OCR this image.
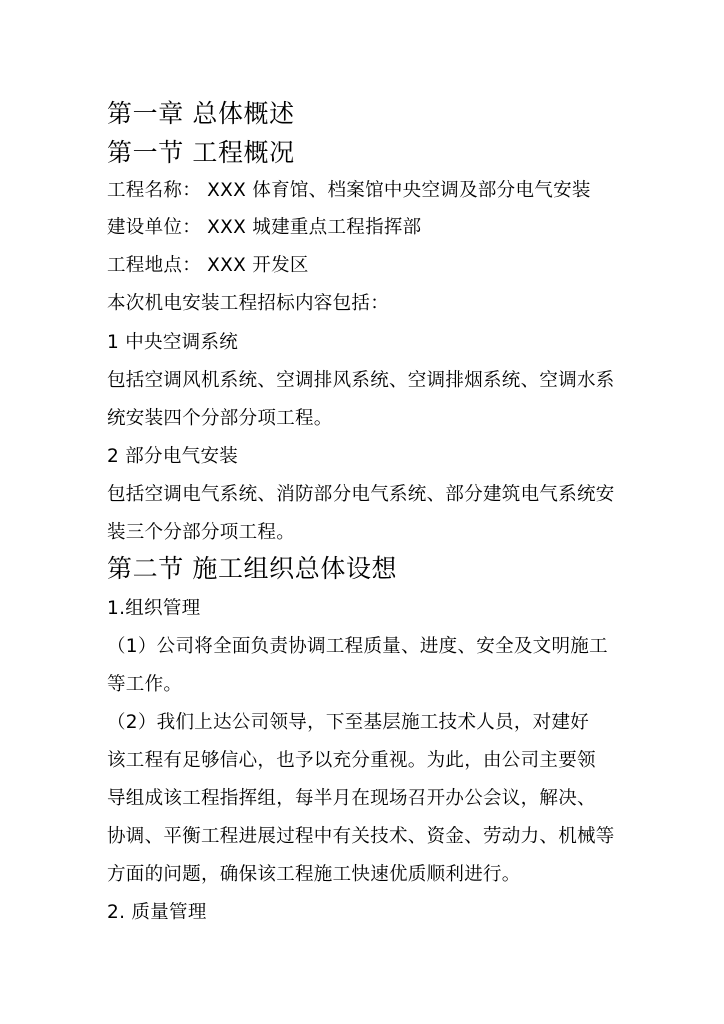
第一章 总体概述
第一节 工程概况
工程名称： XXX 体育馆、档案馆中央空调及部分电气安装
建设单位： XXX 城建重点工程指挥部
工程地点： XXX 开发区
本次机电安装工程招标内容包括：
1 中央空调系统
包括空调风机系统、空调排风系统、空调排烟系统、空调水系
统安装四个分部分项工程。
2 部分电气安装
包括空调电气系统、消防部分电气系统、部分建筑电气系统安
装三个分部分项工程。
第二节 施工组织总体设想
1.组织管理
（1）公司将全面负责协调工程质量、进度、安全及文明施工
等工作。
（2）我们上达公司领导，下至基层施工技术人员，对建好
该工程有足够信心，也予以充分重视。为此，由公司主要领
导组成该工程指挥组，每半月在现场召开办公会议，解决、
协调、平衡工程进展过程中有关技术、资金、劳动力、机械等
方面的问题，确保该工程施工快速优质顺利进行。
2. 质量管理
